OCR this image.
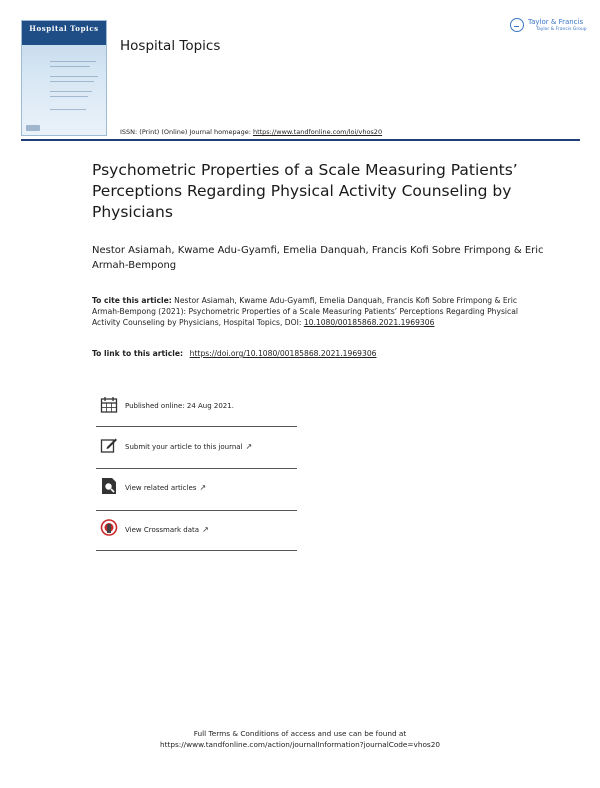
Hospital Topics
Hospital Topics
Taylor & Francis
Taylor & Francis Group
ISSN: (Print) (Online) Journal homepage: https://www.tandfonline.com/loi/vhos20
Psychometric Properties of a Scale Measuring Patients’ Perceptions Regarding Physical Activity Counseling by Physicians
Nestor Asiamah, Kwame Adu-Gyamfi, Emelia Danquah, Francis Kofi Sobre Frimpong & Eric Armah-Bempong
To cite this article: Nestor Asiamah, Kwame Adu-Gyamfi, Emelia Danquah, Francis Kofi Sobre Frimpong & Eric Armah-Bempong (2021): Psychometric Properties of a Scale Measuring Patients’ Perceptions Regarding Physical Activity Counseling by Physicians, Hospital Topics, DOI: 10.1080/00185868.2021.1969306
To link to this article: https://doi.org/10.1080/00185868.2021.1969306
Published online: 24 Aug 2021.
Submit your article to this journal ↗
View related articles ↗
View Crossmark data ↗
Full Terms & Conditions of access and use can be found at
https://www.tandfonline.com/action/journalInformation?journalCode=vhos20
